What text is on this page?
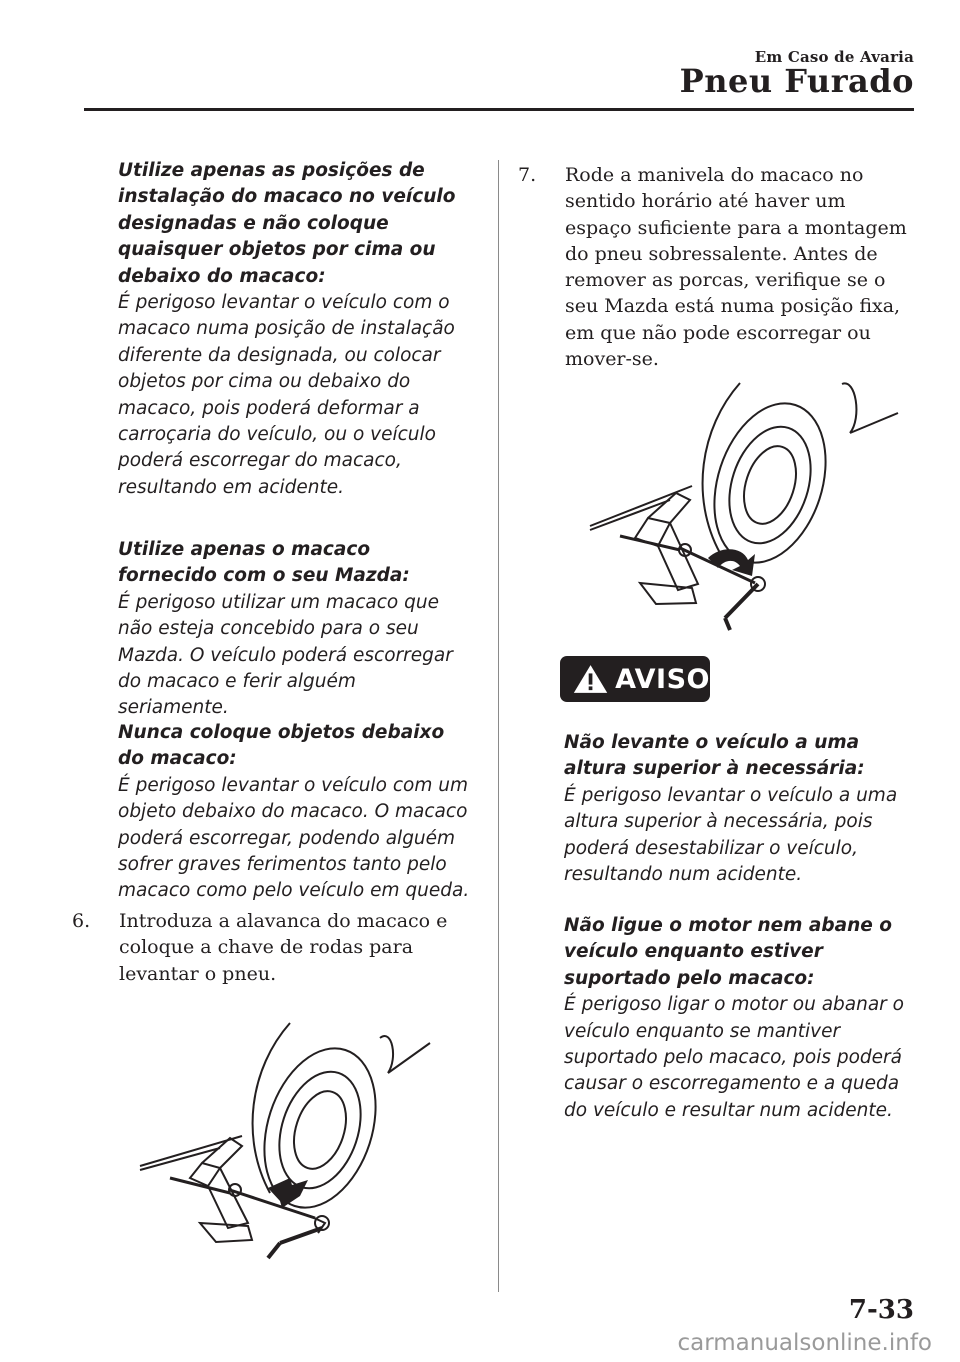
Em Caso de Avaria
Pneu Furado

Utilize apenas as posições de instalação do macaco no veículo designadas e não coloque quaisquer objetos por cima ou debaixo do macaco:

É perigoso levantar o veículo com o macaco numa posição de instalação diferente da designada, ou colocar objetos por cima ou debaixo do macaco, pois poderá deformar a carroçaria do veículo, ou o veículo poderá escorregar do macaco, resultando em acidente.

Utilize apenas o macaco fornecido com o seu Mazda:

É perigoso utilizar um macaco que não esteja concebido para o seu Mazda. O veículo poderá escorregar do macaco e ferir alguém seriamente.

Nunca coloque objetos debaixo do macaco:

É perigoso levantar o veículo com um objeto debaixo do macaco. O macaco poderá escorregar, podendo alguém sofrer graves ferimentos tanto pelo macaco como pelo veículo em queda.

6.	Introduza a alavanca do macaco e coloque a chave de rodas para levantar o pneu.
7.	Rode a manivela do macaco no sentido horário até haver um espaço suficiente para a montagem do pneu sobressalente. Antes de remover as porcas, verifique se o seu Mazda está numa posição fixa, em que não pode escorregar ou mover-se.
AVISO

Não levante o veículo a uma altura superior à necessária:

É perigoso levantar o veículo a uma altura superior à necessária, pois poderá desestabilizar o veículo, resultando num acidente.

Não ligue o motor nem abane o veículo enquanto estiver suportado pelo macaco:

É perigoso ligar o motor ou abanar o veículo enquanto se mantiver suportado pelo macaco, pois poderá causar o escorregamento e a queda do veículo e resultar num acidente.

7-33
carmanualsonline.info
